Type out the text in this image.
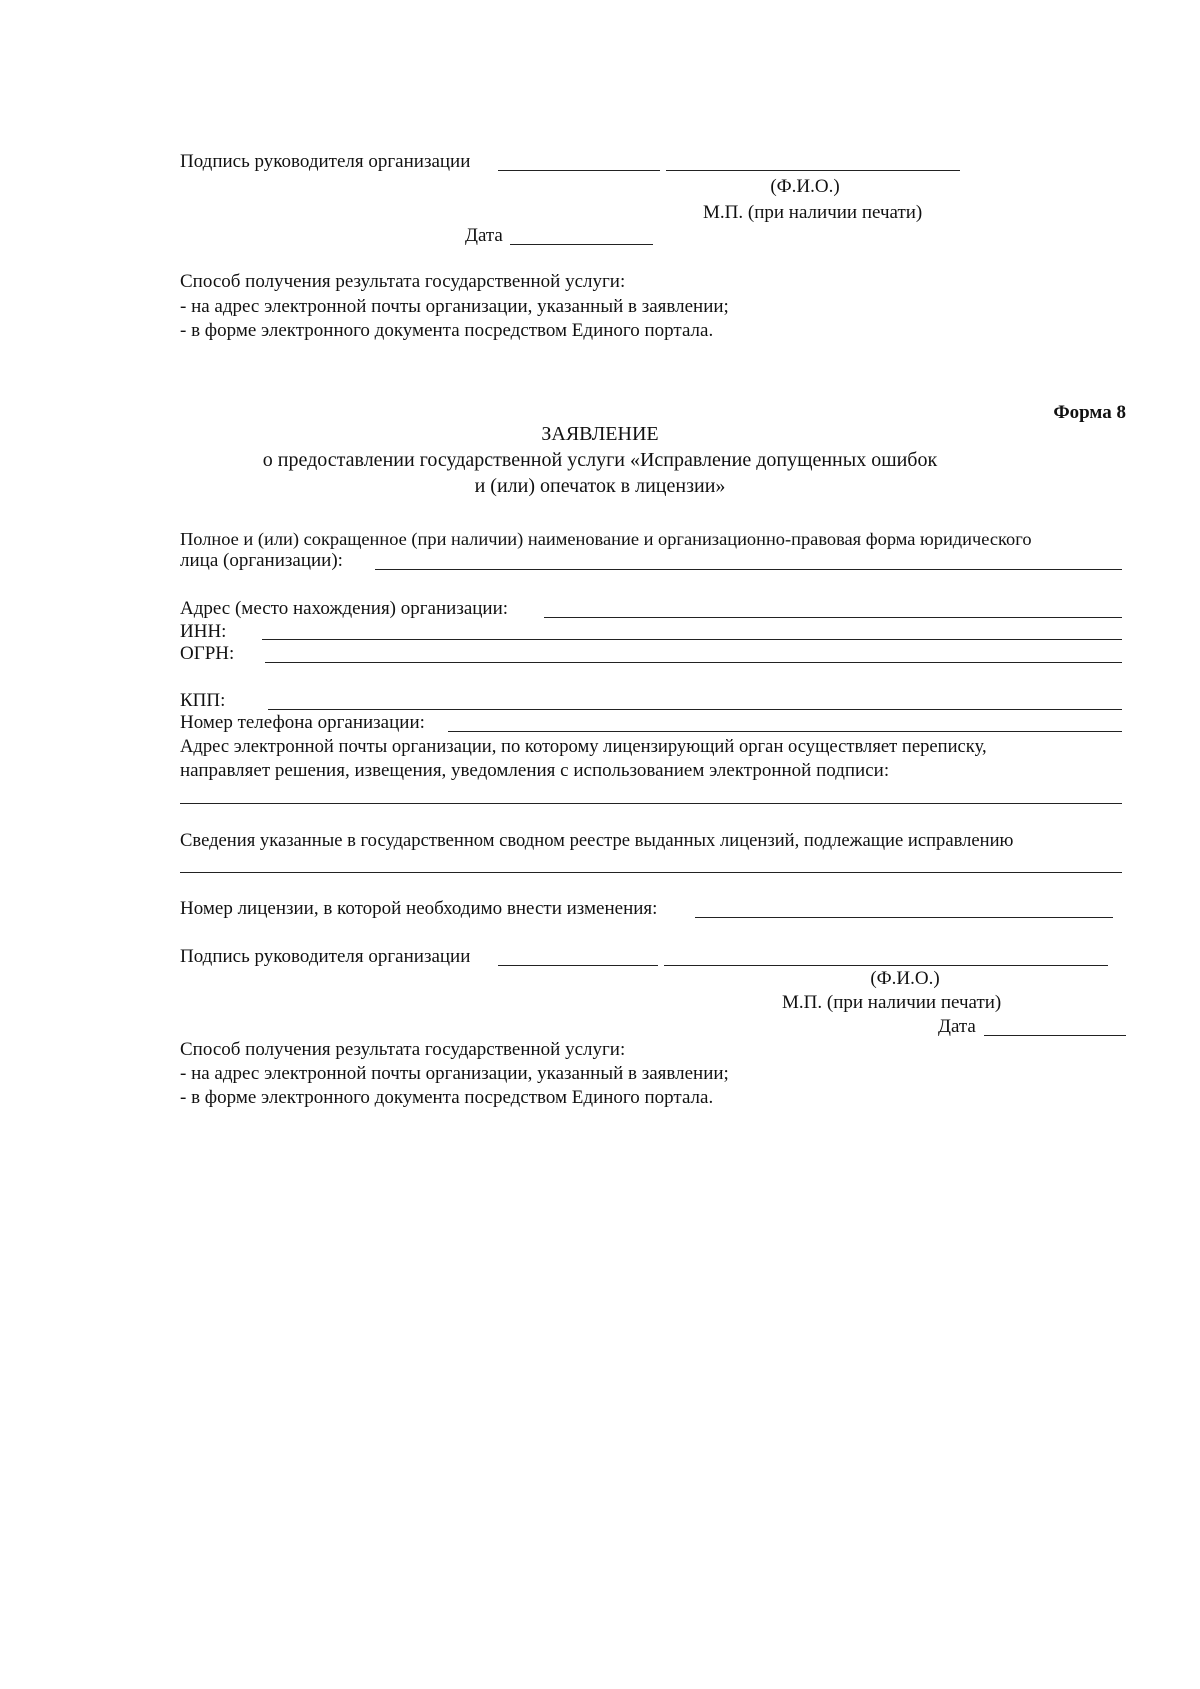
Подпись руководителя организации
(Ф.И.О.)
М.П. (при наличии печати)
Дата
Способ получения результата государственной услуги:
- на адрес электронной почты организации, указанный в заявлении;
- в форме электронного документа посредством Единого портала.
Форма 8
ЗАЯВЛЕНИЕ
о предоставлении государственной услуги «Исправление допущенных ошибок
и (или) опечаток в лицензии»
Полное и (или) сокращенное (при наличии) наименование и организационно-правовая форма юридического
лица (организации):
Адрес (место нахождения) организации:
ИНН:
ОГРН:
КПП:
Номер телефона организации:
Адрес электронной почты организации, по которому лицензирующий орган осуществляет переписку,
направляет решения, извещения, уведомления с использованием электронной подписи:
Сведения указанные в государственном сводном реестре выданных лицензий, подлежащие исправлению
Номер лицензии, в которой необходимо внести изменения:
Подпись руководителя организации
(Ф.И.О.)
М.П. (при наличии печати)
Дата
Способ получения результата государственной услуги:
- на адрес электронной почты организации, указанный в заявлении;
- в форме электронного документа посредством Единого портала.
